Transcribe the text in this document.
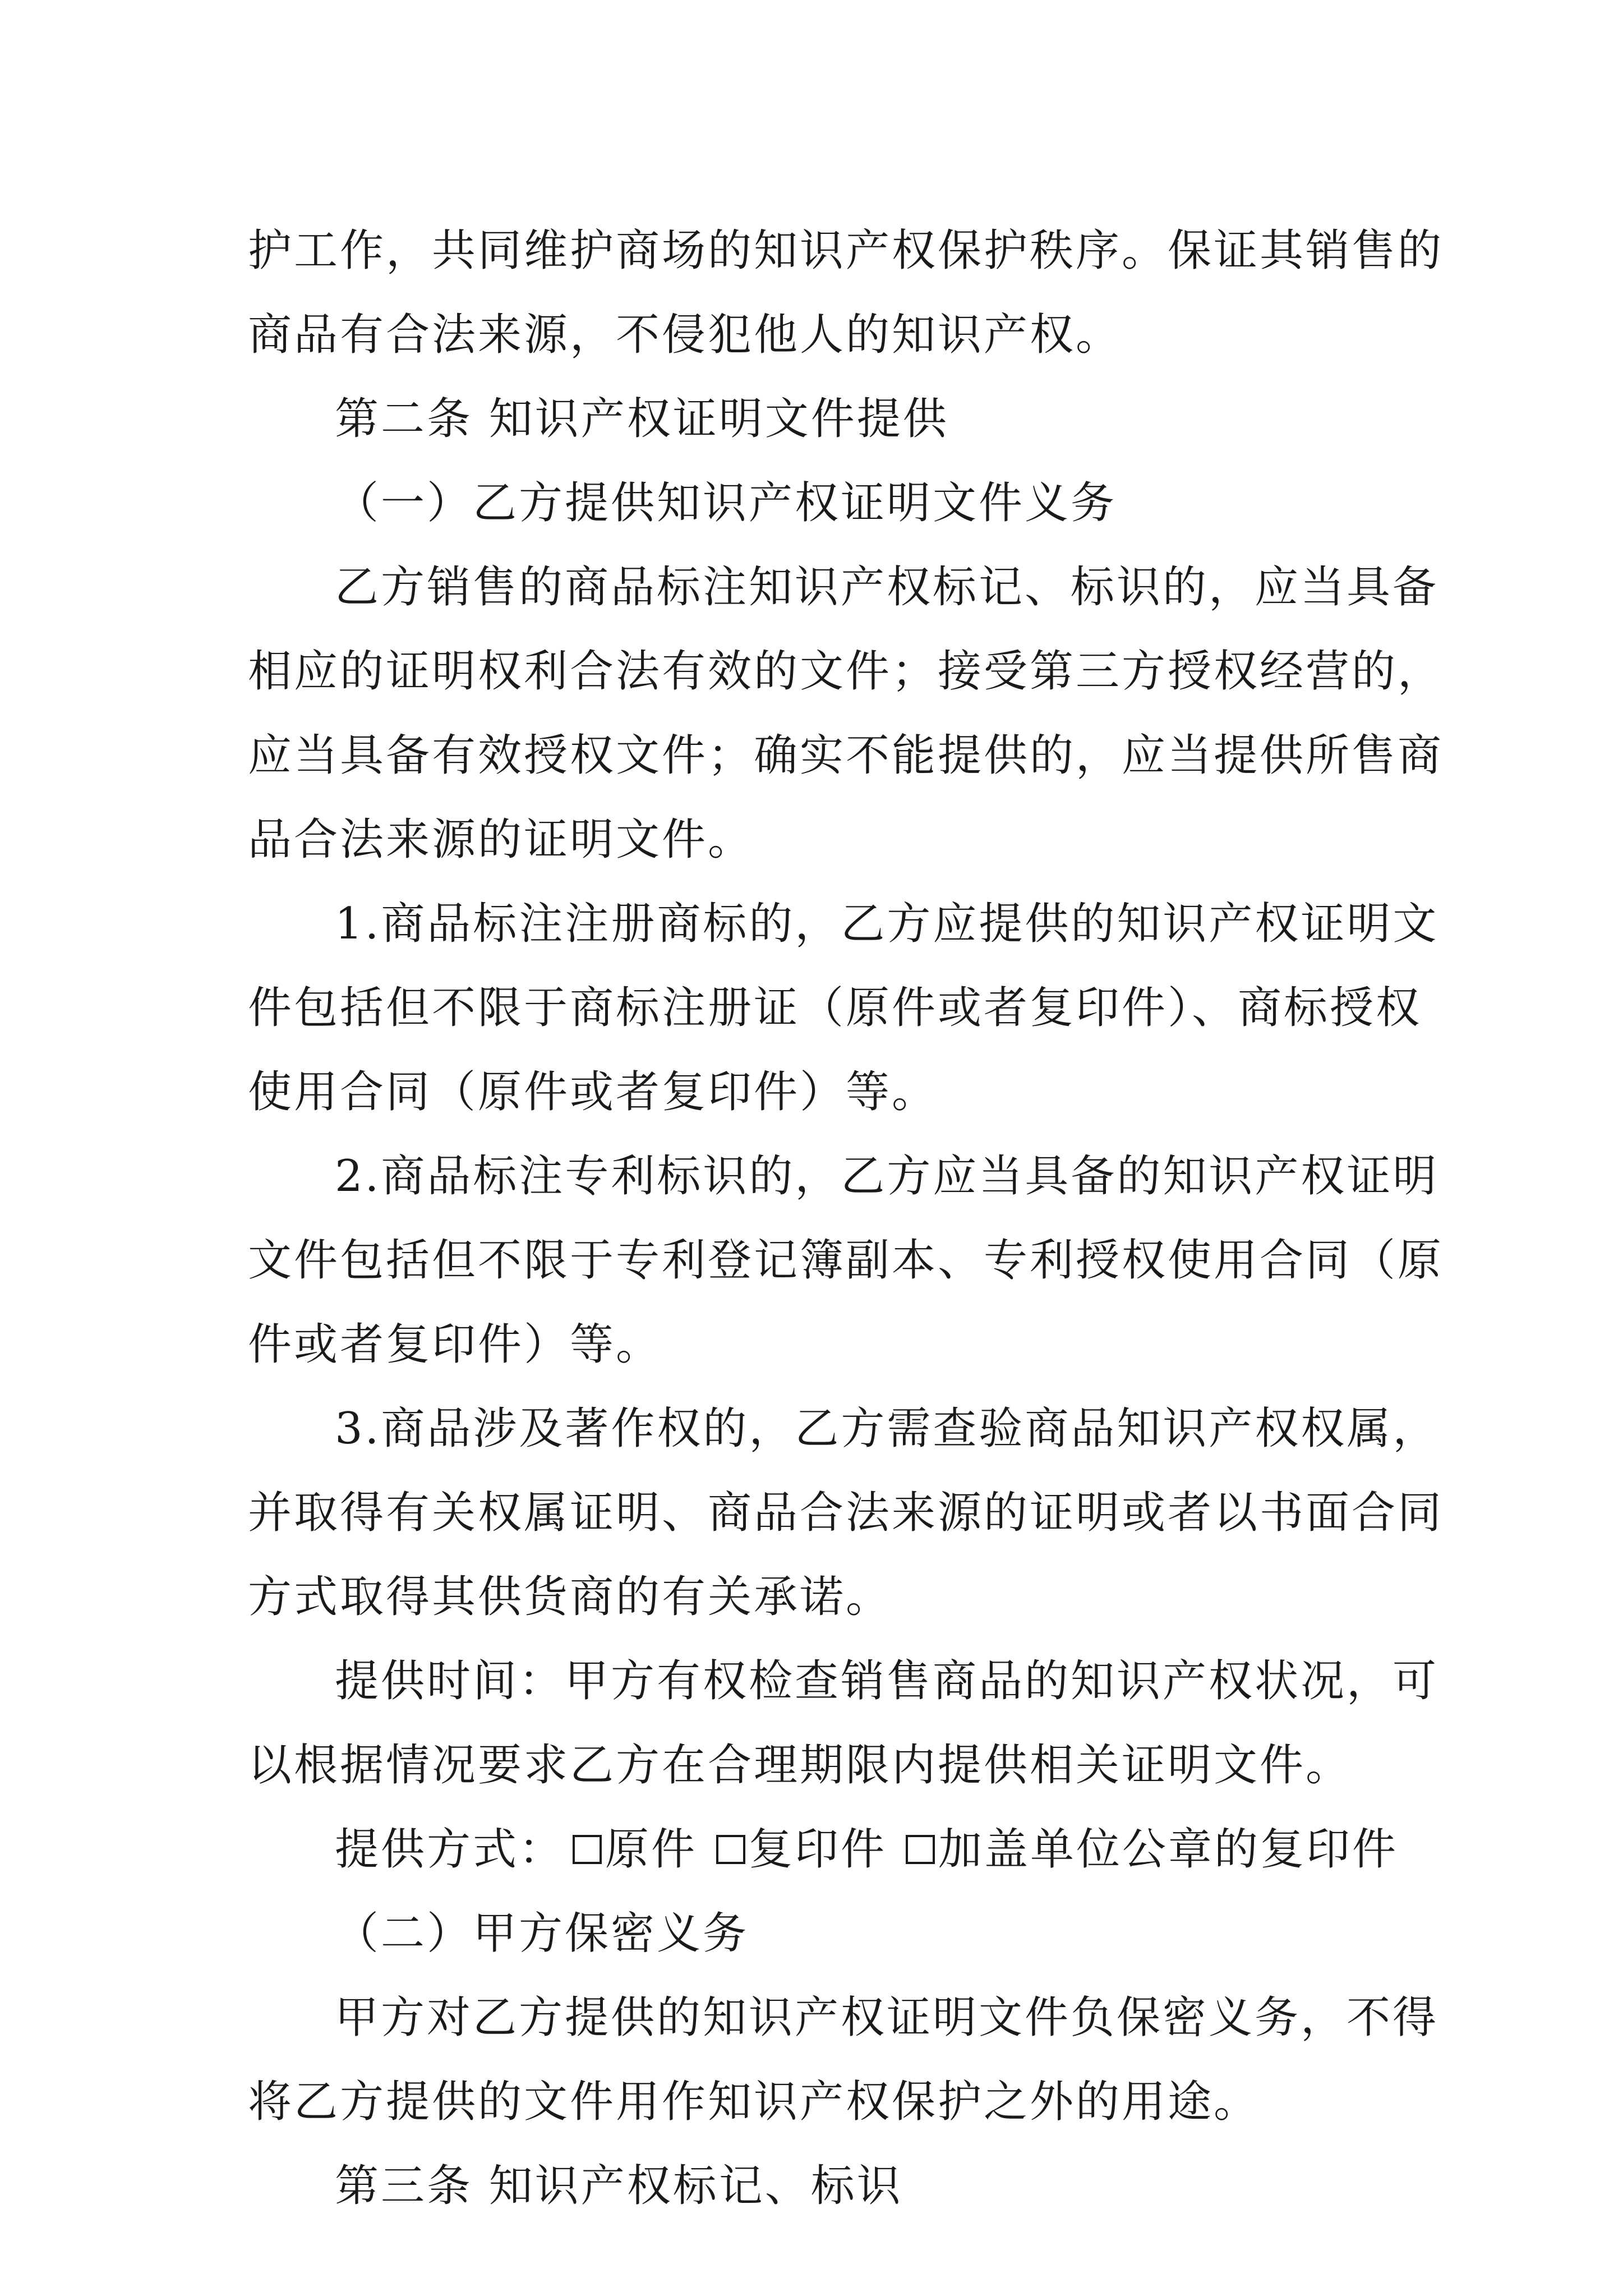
护工作，共同维护商场的知识产权保护秩序。保证其销售的
商品有合法来源，不侵犯他人的知识产权。
第二条 知识产权证明文件提供
（一）乙方提供知识产权证明文件义务
乙方销售的商品标注知识产权标记、标识的，应当具备
相应的证明权利合法有效的文件；接受第三方授权经营的，
应当具备有效授权文件；确实不能提供的，应当提供所售商
品合法来源的证明文件。
1.商品标注注册商标的，乙方应提供的知识产权证明文
件包括但不限于商标注册证（原件或者复印件）、商标授权
使用合同（原件或者复印件）等。
2.商品标注专利标识的，乙方应当具备的知识产权证明
文件包括但不限于专利登记簿副本、专利授权使用合同（原
件或者复印件）等。
3.商品涉及著作权的，乙方需查验商品知识产权权属，
并取得有关权属证明、商品合法来源的证明或者以书面合同
方式取得其供货商的有关承诺。
提供时间：甲方有权检查销售商品的知识产权状况，可
以根据情况要求乙方在合理期限内提供相关证明文件。
提供方式： 原件 复印件 加盖单位公章的复印件
（二）甲方保密义务
甲方对乙方提供的知识产权证明文件负保密义务，不得
将乙方提供的文件用作知识产权保护之外的用途。
第三条 知识产权标记、标识
